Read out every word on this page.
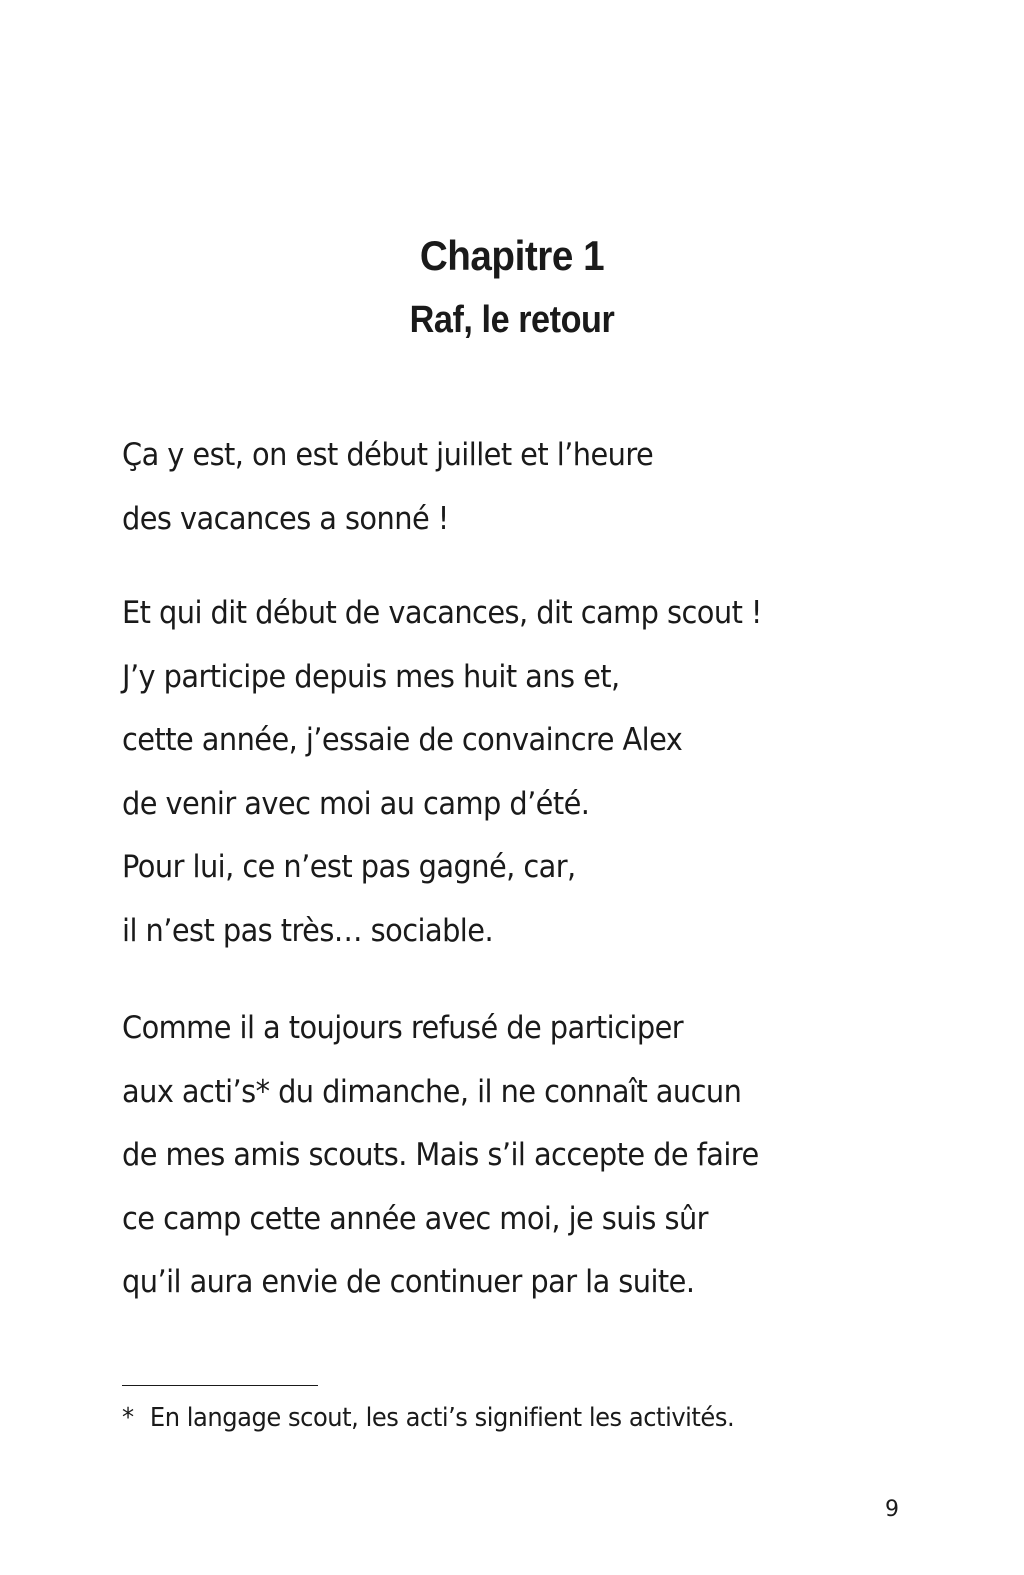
Chapitre 1
Raf, le retour
Ça y est, on est début juillet et l’heure
des vacances a sonné !
Et qui dit début de vacances, dit camp scout !
J’y participe depuis mes huit ans et,
cette année, j’essaie de convaincre Alex
de venir avec moi au camp d’été.
Pour lui, ce n’est pas gagné, car,
il n’est pas très… sociable.
Comme il a toujours refusé de participer
aux acti’s* du dimanche, il ne connaît aucun
de mes amis scouts. Mais s’il accepte de faire
ce camp cette année avec moi, je suis sûr
qu’il aura envie de continuer par la suite.
* En langage scout, les acti’s signifient les activités.
9
